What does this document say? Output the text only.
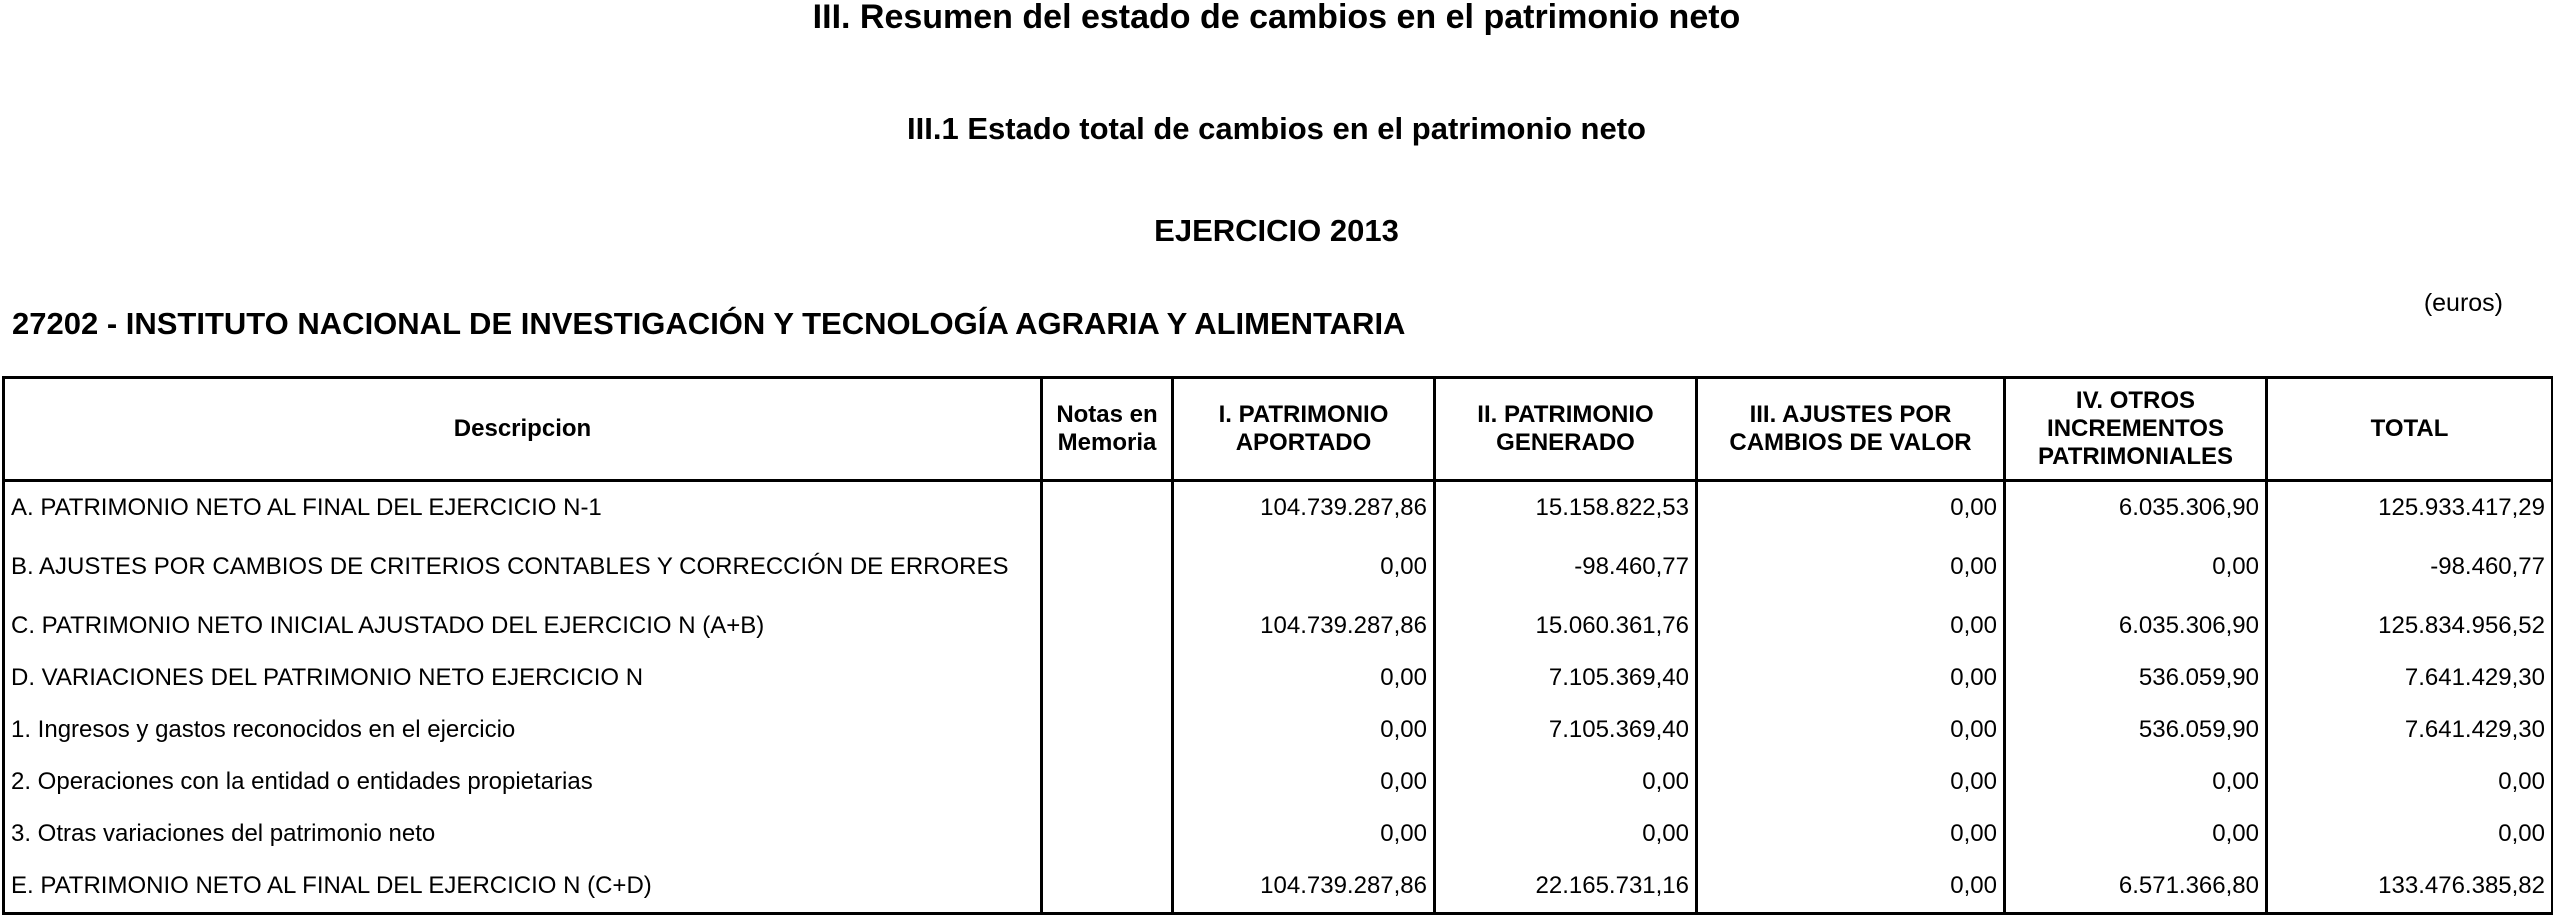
III. Resumen del estado de cambios en el patrimonio neto
III.1 Estado total de cambios en el patrimonio neto
EJERCICIO 2013
(euros)
27202 - INSTITUTO NACIONAL DE INVESTIGACIÓN Y TECNOLOGÍA AGRARIA Y ALIMENTARIA
Descripcion	Notas en Memoria	I. PATRIMONIO APORTADO	II. PATRIMONIO GENERADO	III. AJUSTES POR CAMBIOS DE VALOR	IV. OTROS INCREMENTOS PATRIMONIALES	TOTAL
A. PATRIMONIO NETO AL FINAL DEL EJERCICIO N-1		104.739.287,86	15.158.822,53	0,00	6.035.306,90	125.933.417,29
B. AJUSTES POR CAMBIOS DE CRITERIOS CONTABLES Y CORRECCIÓN DE ERRORES		0,00	-98.460,77	0,00	0,00	-98.460,77
C. PATRIMONIO NETO INICIAL AJUSTADO DEL EJERCICIO N (A+B)		104.739.287,86	15.060.361,76	0,00	6.035.306,90	125.834.956,52
D. VARIACIONES DEL PATRIMONIO NETO EJERCICIO N		0,00	7.105.369,40	0,00	536.059,90	7.641.429,30
1. Ingresos y gastos reconocidos en el ejercicio		0,00	7.105.369,40	0,00	536.059,90	7.641.429,30
2. Operaciones con la entidad o entidades propietarias		0,00	0,00	0,00	0,00	0,00
3. Otras variaciones del patrimonio neto		0,00	0,00	0,00	0,00	0,00
E. PATRIMONIO NETO AL FINAL DEL EJERCICIO N (C+D)		104.739.287,86	22.165.731,16	0,00	6.571.366,80	133.476.385,82
